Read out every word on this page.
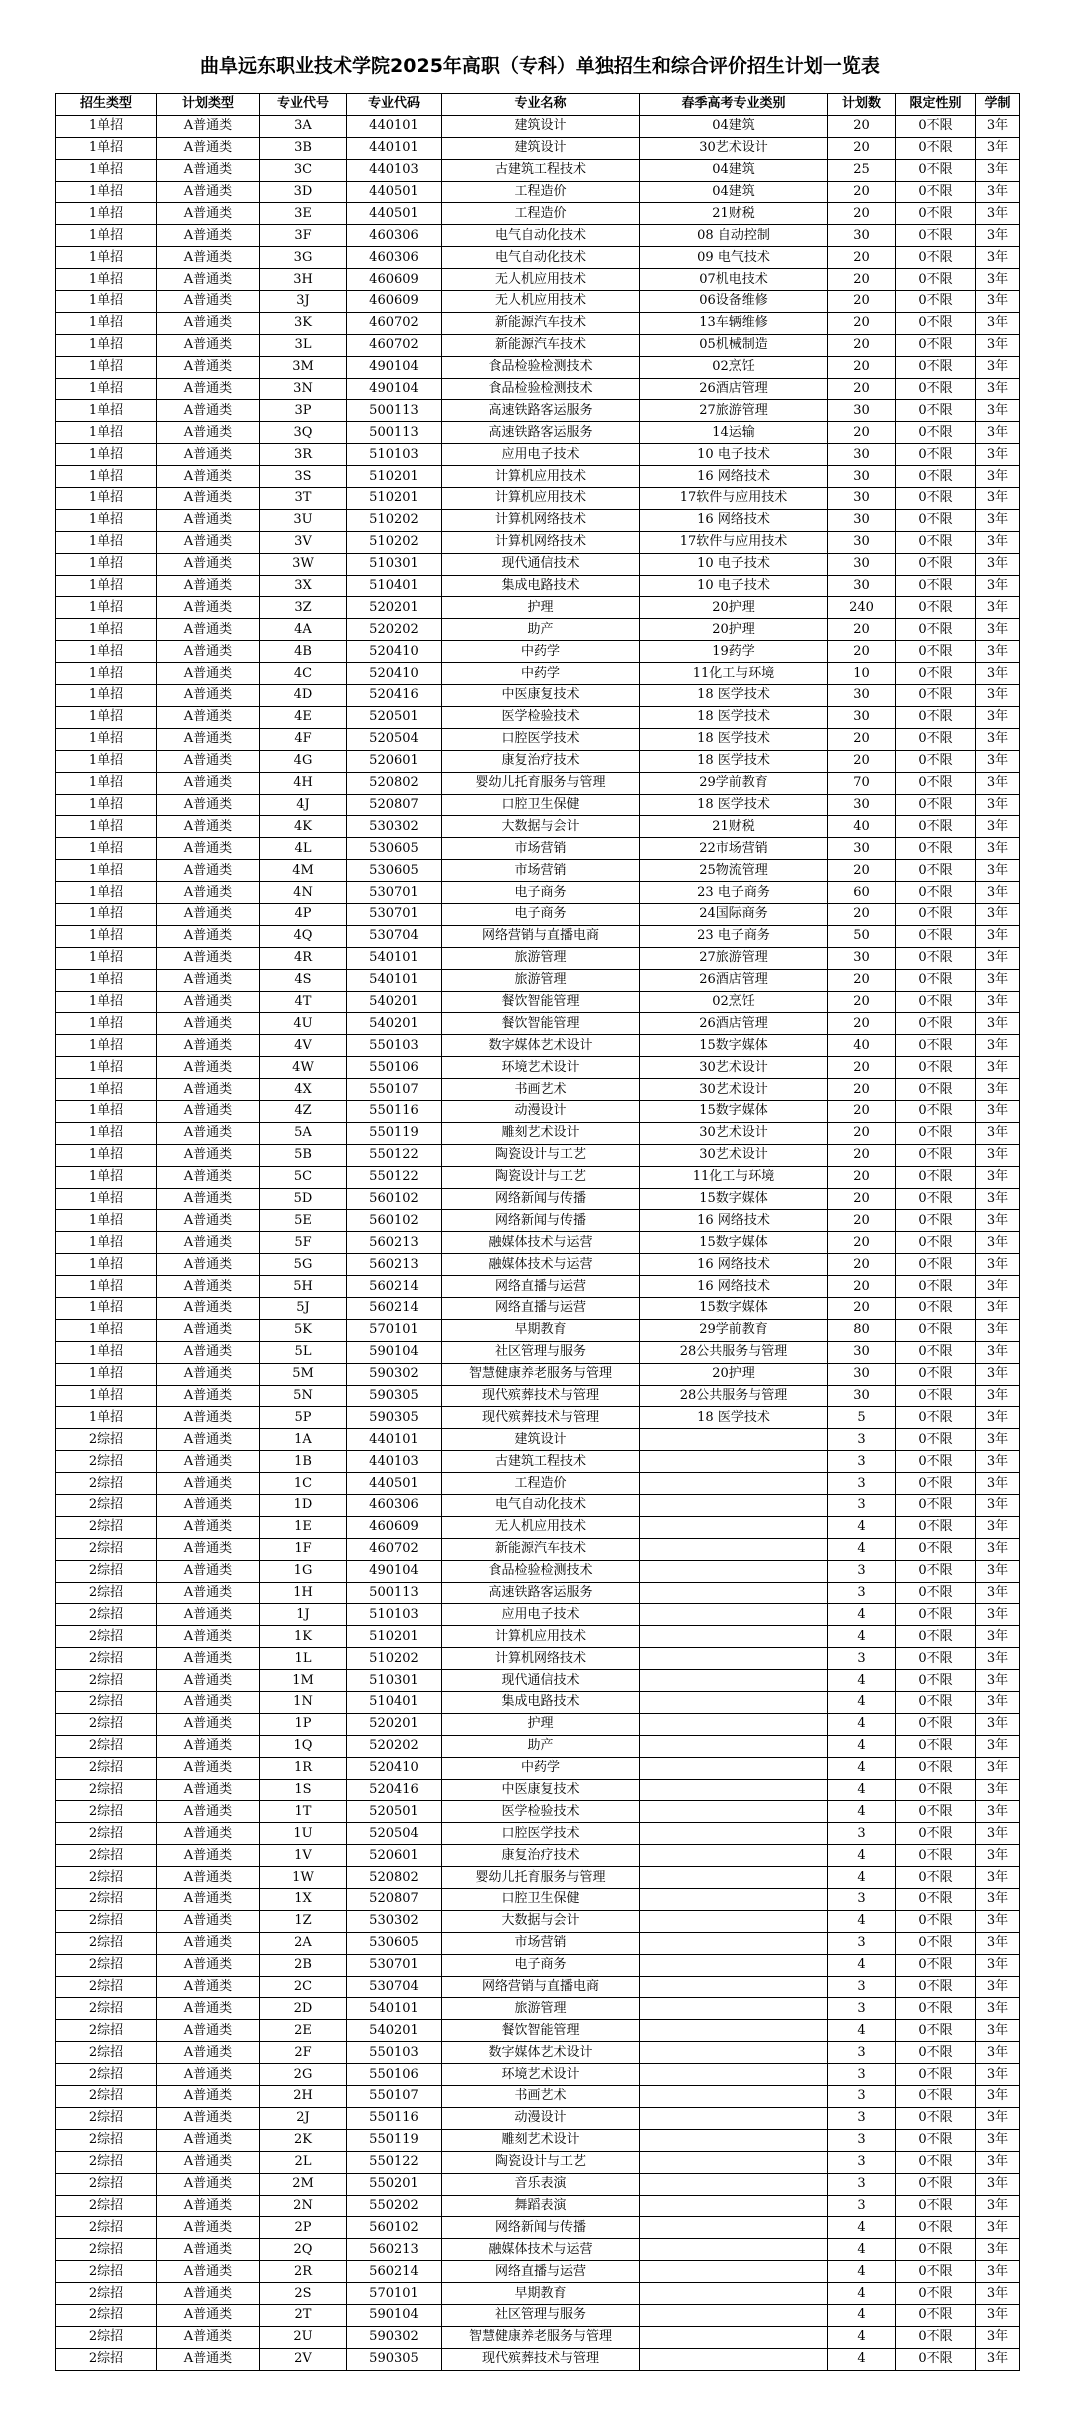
曲阜远东职业技术学院2025年高职（专科）单独招生和综合评价招生计划一览表
招生类型	计划类型	专业代号	专业代码	专业名称	春季高考专业类别	计划数	限定性别	学制
1单招	A普通类	3A	440101	建筑设计	04建筑	20	0不限	3年
1单招	A普通类	3B	440101	建筑设计	30艺术设计	20	0不限	3年
1单招	A普通类	3C	440103	古建筑工程技术	04建筑	25	0不限	3年
1单招	A普通类	3D	440501	工程造价	04建筑	20	0不限	3年
1单招	A普通类	3E	440501	工程造价	21财税	20	0不限	3年
1单招	A普通类	3F	460306	电气自动化技术	08 自动控制	30	0不限	3年
1单招	A普通类	3G	460306	电气自动化技术	09 电气技术	20	0不限	3年
1单招	A普通类	3H	460609	无人机应用技术	07机电技术	20	0不限	3年
1单招	A普通类	3J	460609	无人机应用技术	06设备维修	20	0不限	3年
1单招	A普通类	3K	460702	新能源汽车技术	13车辆维修	20	0不限	3年
1单招	A普通类	3L	460702	新能源汽车技术	05机械制造	20	0不限	3年
1单招	A普通类	3M	490104	食品检验检测技术	02烹饪	20	0不限	3年
1单招	A普通类	3N	490104	食品检验检测技术	26酒店管理	20	0不限	3年
1单招	A普通类	3P	500113	高速铁路客运服务	27旅游管理	30	0不限	3年
1单招	A普通类	3Q	500113	高速铁路客运服务	14运输	20	0不限	3年
1单招	A普通类	3R	510103	应用电子技术	10 电子技术	30	0不限	3年
1单招	A普通类	3S	510201	计算机应用技术	16 网络技术	30	0不限	3年
1单招	A普通类	3T	510201	计算机应用技术	17软件与应用技术	30	0不限	3年
1单招	A普通类	3U	510202	计算机网络技术	16 网络技术	30	0不限	3年
1单招	A普通类	3V	510202	计算机网络技术	17软件与应用技术	30	0不限	3年
1单招	A普通类	3W	510301	现代通信技术	10 电子技术	30	0不限	3年
1单招	A普通类	3X	510401	集成电路技术	10 电子技术	30	0不限	3年
1单招	A普通类	3Z	520201	护理	20护理	240	0不限	3年
1单招	A普通类	4A	520202	助产	20护理	20	0不限	3年
1单招	A普通类	4B	520410	中药学	19药学	20	0不限	3年
1单招	A普通类	4C	520410	中药学	11化工与环境	10	0不限	3年
1单招	A普通类	4D	520416	中医康复技术	18 医学技术	30	0不限	3年
1单招	A普通类	4E	520501	医学检验技术	18 医学技术	30	0不限	3年
1单招	A普通类	4F	520504	口腔医学技术	18 医学技术	20	0不限	3年
1单招	A普通类	4G	520601	康复治疗技术	18 医学技术	20	0不限	3年
1单招	A普通类	4H	520802	婴幼儿托育服务与管理	29学前教育	70	0不限	3年
1单招	A普通类	4J	520807	口腔卫生保健	18 医学技术	30	0不限	3年
1单招	A普通类	4K	530302	大数据与会计	21财税	40	0不限	3年
1单招	A普通类	4L	530605	市场营销	22市场营销	30	0不限	3年
1单招	A普通类	4M	530605	市场营销	25物流管理	20	0不限	3年
1单招	A普通类	4N	530701	电子商务	23 电子商务	60	0不限	3年
1单招	A普通类	4P	530701	电子商务	24国际商务	20	0不限	3年
1单招	A普通类	4Q	530704	网络营销与直播电商	23 电子商务	50	0不限	3年
1单招	A普通类	4R	540101	旅游管理	27旅游管理	30	0不限	3年
1单招	A普通类	4S	540101	旅游管理	26酒店管理	20	0不限	3年
1单招	A普通类	4T	540201	餐饮智能管理	02烹饪	20	0不限	3年
1单招	A普通类	4U	540201	餐饮智能管理	26酒店管理	20	0不限	3年
1单招	A普通类	4V	550103	数字媒体艺术设计	15数字媒体	40	0不限	3年
1单招	A普通类	4W	550106	环境艺术设计	30艺术设计	20	0不限	3年
1单招	A普通类	4X	550107	书画艺术	30艺术设计	20	0不限	3年
1单招	A普通类	4Z	550116	动漫设计	15数字媒体	20	0不限	3年
1单招	A普通类	5A	550119	雕刻艺术设计	30艺术设计	20	0不限	3年
1单招	A普通类	5B	550122	陶瓷设计与工艺	30艺术设计	20	0不限	3年
1单招	A普通类	5C	550122	陶瓷设计与工艺	11化工与环境	20	0不限	3年
1单招	A普通类	5D	560102	网络新闻与传播	15数字媒体	20	0不限	3年
1单招	A普通类	5E	560102	网络新闻与传播	16 网络技术	20	0不限	3年
1单招	A普通类	5F	560213	融媒体技术与运营	15数字媒体	20	0不限	3年
1单招	A普通类	5G	560213	融媒体技术与运营	16 网络技术	20	0不限	3年
1单招	A普通类	5H	560214	网络直播与运营	16 网络技术	20	0不限	3年
1单招	A普通类	5J	560214	网络直播与运营	15数字媒体	20	0不限	3年
1单招	A普通类	5K	570101	早期教育	29学前教育	80	0不限	3年
1单招	A普通类	5L	590104	社区管理与服务	28公共服务与管理	30	0不限	3年
1单招	A普通类	5M	590302	智慧健康养老服务与管理	20护理	30	0不限	3年
1单招	A普通类	5N	590305	现代殡葬技术与管理	28公共服务与管理	30	0不限	3年
1单招	A普通类	5P	590305	现代殡葬技术与管理	18 医学技术	5	0不限	3年
2综招	A普通类	1A	440101	建筑设计		3	0不限	3年
2综招	A普通类	1B	440103	古建筑工程技术		3	0不限	3年
2综招	A普通类	1C	440501	工程造价		3	0不限	3年
2综招	A普通类	1D	460306	电气自动化技术		3	0不限	3年
2综招	A普通类	1E	460609	无人机应用技术		4	0不限	3年
2综招	A普通类	1F	460702	新能源汽车技术		4	0不限	3年
2综招	A普通类	1G	490104	食品检验检测技术		3	0不限	3年
2综招	A普通类	1H	500113	高速铁路客运服务		3	0不限	3年
2综招	A普通类	1J	510103	应用电子技术		4	0不限	3年
2综招	A普通类	1K	510201	计算机应用技术		4	0不限	3年
2综招	A普通类	1L	510202	计算机网络技术		3	0不限	3年
2综招	A普通类	1M	510301	现代通信技术		4	0不限	3年
2综招	A普通类	1N	510401	集成电路技术		4	0不限	3年
2综招	A普通类	1P	520201	护理		4	0不限	3年
2综招	A普通类	1Q	520202	助产		4	0不限	3年
2综招	A普通类	1R	520410	中药学		4	0不限	3年
2综招	A普通类	1S	520416	中医康复技术		4	0不限	3年
2综招	A普通类	1T	520501	医学检验技术		4	0不限	3年
2综招	A普通类	1U	520504	口腔医学技术		3	0不限	3年
2综招	A普通类	1V	520601	康复治疗技术		4	0不限	3年
2综招	A普通类	1W	520802	婴幼儿托育服务与管理		4	0不限	3年
2综招	A普通类	1X	520807	口腔卫生保健		3	0不限	3年
2综招	A普通类	1Z	530302	大数据与会计		4	0不限	3年
2综招	A普通类	2A	530605	市场营销		3	0不限	3年
2综招	A普通类	2B	530701	电子商务		4	0不限	3年
2综招	A普通类	2C	530704	网络营销与直播电商		3	0不限	3年
2综招	A普通类	2D	540101	旅游管理		3	0不限	3年
2综招	A普通类	2E	540201	餐饮智能管理		4	0不限	3年
2综招	A普通类	2F	550103	数字媒体艺术设计		3	0不限	3年
2综招	A普通类	2G	550106	环境艺术设计		3	0不限	3年
2综招	A普通类	2H	550107	书画艺术		3	0不限	3年
2综招	A普通类	2J	550116	动漫设计		3	0不限	3年
2综招	A普通类	2K	550119	雕刻艺术设计		3	0不限	3年
2综招	A普通类	2L	550122	陶瓷设计与工艺		3	0不限	3年
2综招	A普通类	2M	550201	音乐表演		3	0不限	3年
2综招	A普通类	2N	550202	舞蹈表演		3	0不限	3年
2综招	A普通类	2P	560102	网络新闻与传播		4	0不限	3年
2综招	A普通类	2Q	560213	融媒体技术与运营		4	0不限	3年
2综招	A普通类	2R	560214	网络直播与运营		4	0不限	3年
2综招	A普通类	2S	570101	早期教育		4	0不限	3年
2综招	A普通类	2T	590104	社区管理与服务		4	0不限	3年
2综招	A普通类	2U	590302	智慧健康养老服务与管理		4	0不限	3年
2综招	A普通类	2V	590305	现代殡葬技术与管理		4	0不限	3年
